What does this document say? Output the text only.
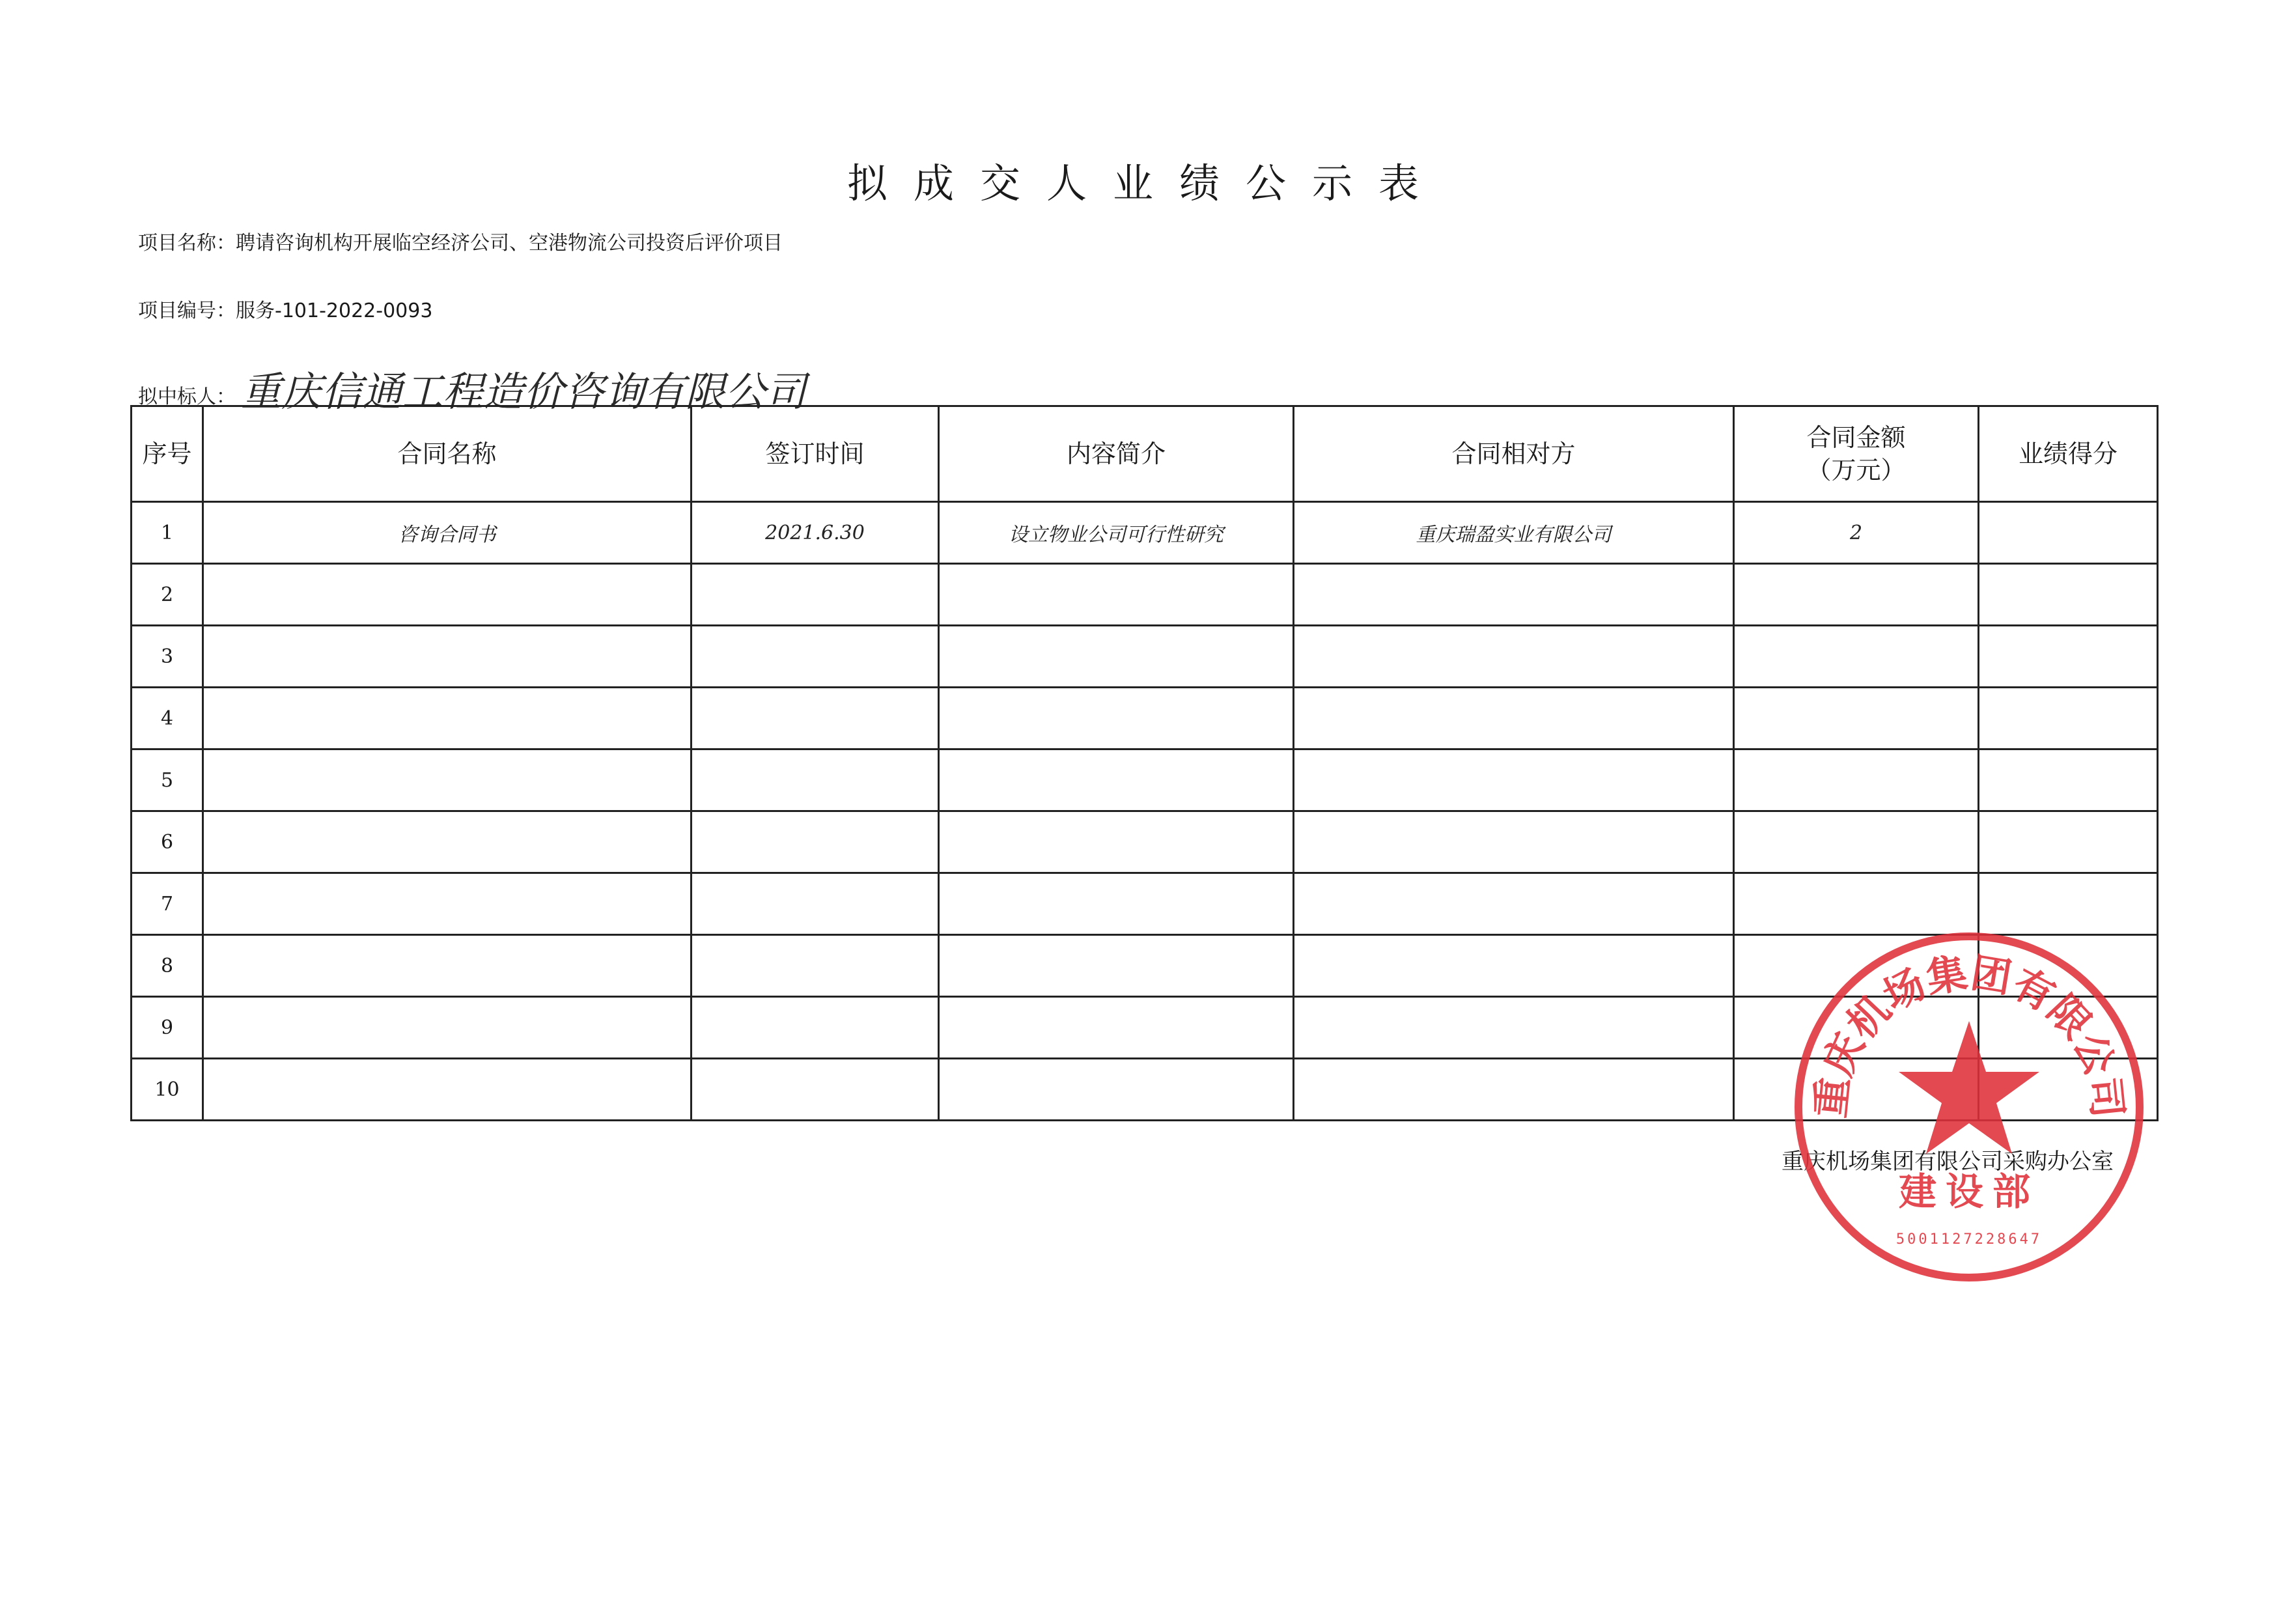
拟成交人业绩公示表
项目名称：聘请咨询机构开展临空经济公司、空港物流公司投资后评价项目
项目编号：服务-101-2022-0093
拟中标人： 重庆信通工程造价咨询有限公司
序号	合同名称	签订时间	内容简介	合同相对方	合同金额
（万元）	业绩得分
1	咨询合同书	2021.6.30	设立物业公司可行性研究	重庆瑞盈实业有限公司	2	
2						
3						
4						
5						
6						
7						
8						
9						
10						
重庆机场集团有限公司采购办公室
重庆机场集团有限公司
建设部
5001127228647
